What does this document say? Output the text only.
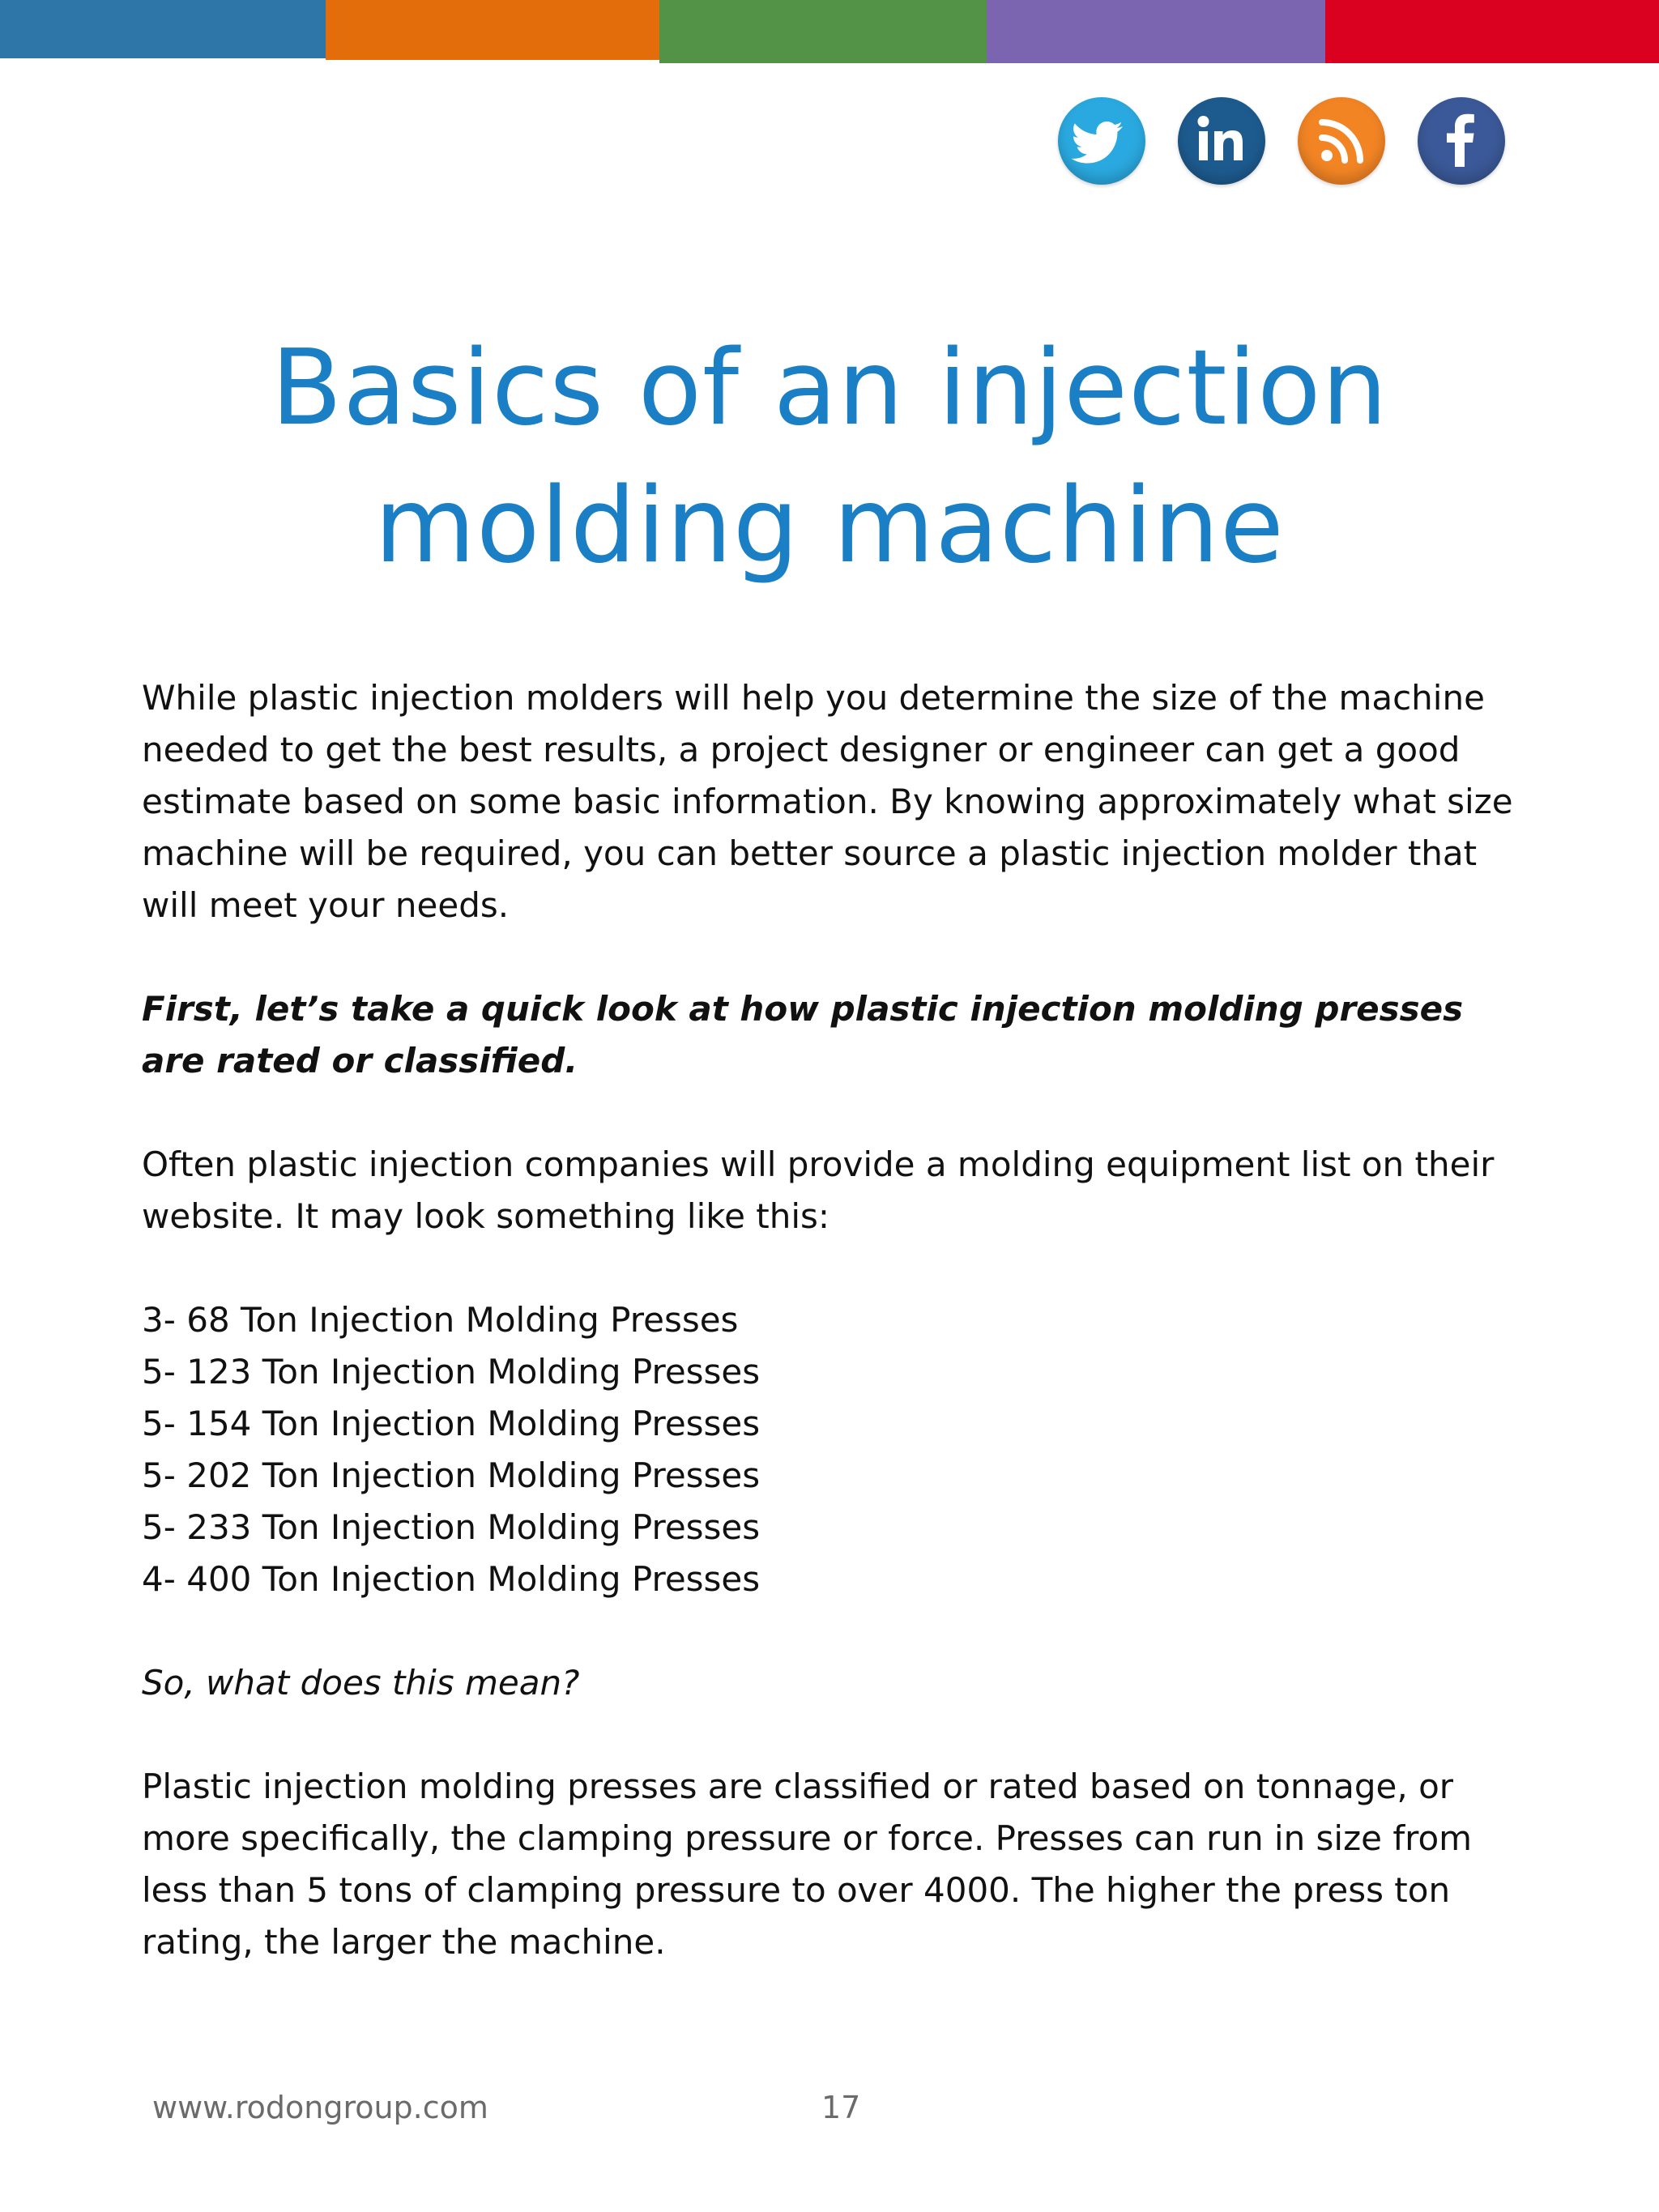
Basics of an injection
molding machine

While plastic injection molders will help you determine the size of the machine needed to get the best results, a project designer or engineer can get a good estimate based on some basic information. By knowing approximately what size machine will be required, you can better source a plastic injection molder that will meet your needs.

First, let’s take a quick look at how plastic injection molding presses are rated or classified.

Often plastic injection companies will provide a molding equipment list on their website. It may look something like this:

3- 68 Ton Injection Molding Presses
5- 123 Ton Injection Molding Presses
5- 154 Ton Injection Molding Presses
5- 202 Ton Injection Molding Presses
5- 233 Ton Injection Molding Presses
4- 400 Ton Injection Molding Presses

So, what does this mean?

Plastic injection molding presses are classified or rated based on tonnage, or more specifically, the clamping pressure or force. Presses can run in size from less than 5 tons of clamping pressure to over 4000. The higher the press ton rating, the larger the machine.

www.rodongroup.com	17
